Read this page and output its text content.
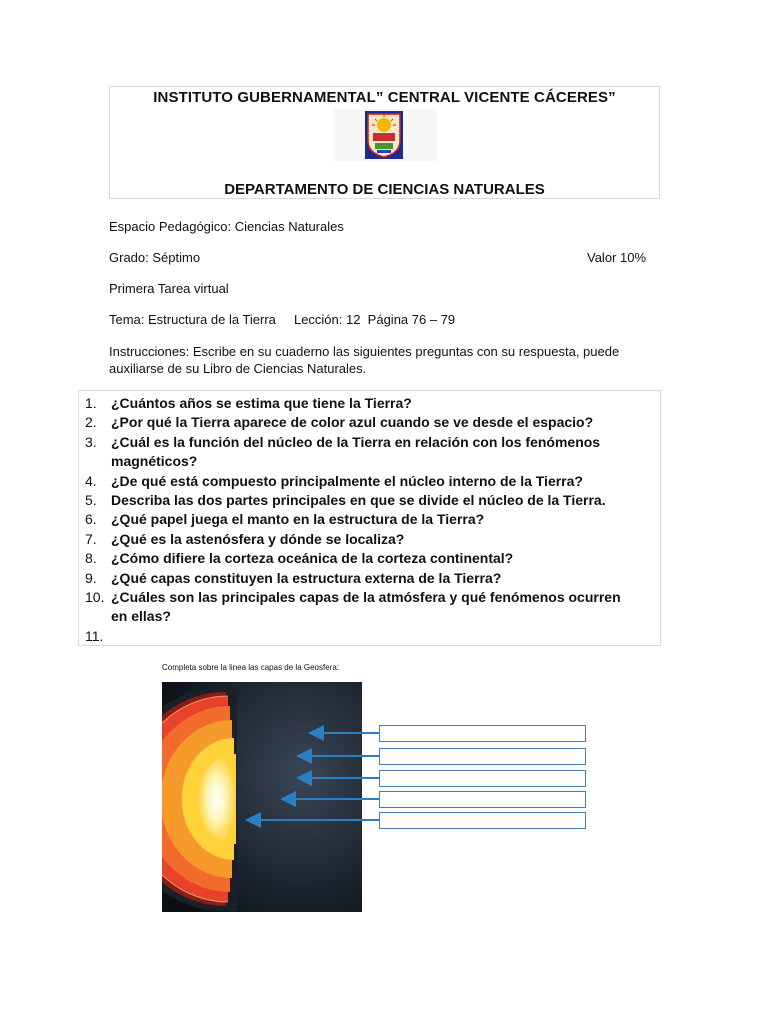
INSTITUTO GUBERNAMENTAL” CENTRAL VICENTE CÁCERES”
DEPARTAMENTO DE CIENCIAS NATURALES
Espacio Pedagógico: Ciencias Naturales
Grado: Séptimo	Valor 10%
Primera Tarea virtual
Tema: Estructura de la Tierra     Lección: 12  Página 76 – 79
Instrucciones: Escribe en su cuaderno las siguientes preguntas con su respuesta, puede
auxiliarse de su Libro de Ciencias Naturales.
1.	¿Cuántos años se estima que tiene la Tierra?
2.	¿Por qué la Tierra aparece de color azul cuando se ve desde el espacio?
3.	¿Cuál es la función del núcleo de la Tierra en relación con los fenómenos
magnéticos?
4.	¿De qué está compuesto principalmente el núcleo interno de la Tierra?
5.	Describa las dos partes principales en que se divide el núcleo de la Tierra.
6.	¿Qué papel juega el manto en la estructura de la Tierra?
7.	¿Qué es la astenósfera y dónde se localiza?
8.	¿Cómo difiere la corteza oceánica de la corteza continental?
9.	¿Qué capas constituyen la estructura externa de la Tierra?
10. ¿Cuáles son las principales capas de la atmósfera y qué fenómenos ocurren
en ellas?
11.
Completa sobre la linea las capas de la Geosfera:
